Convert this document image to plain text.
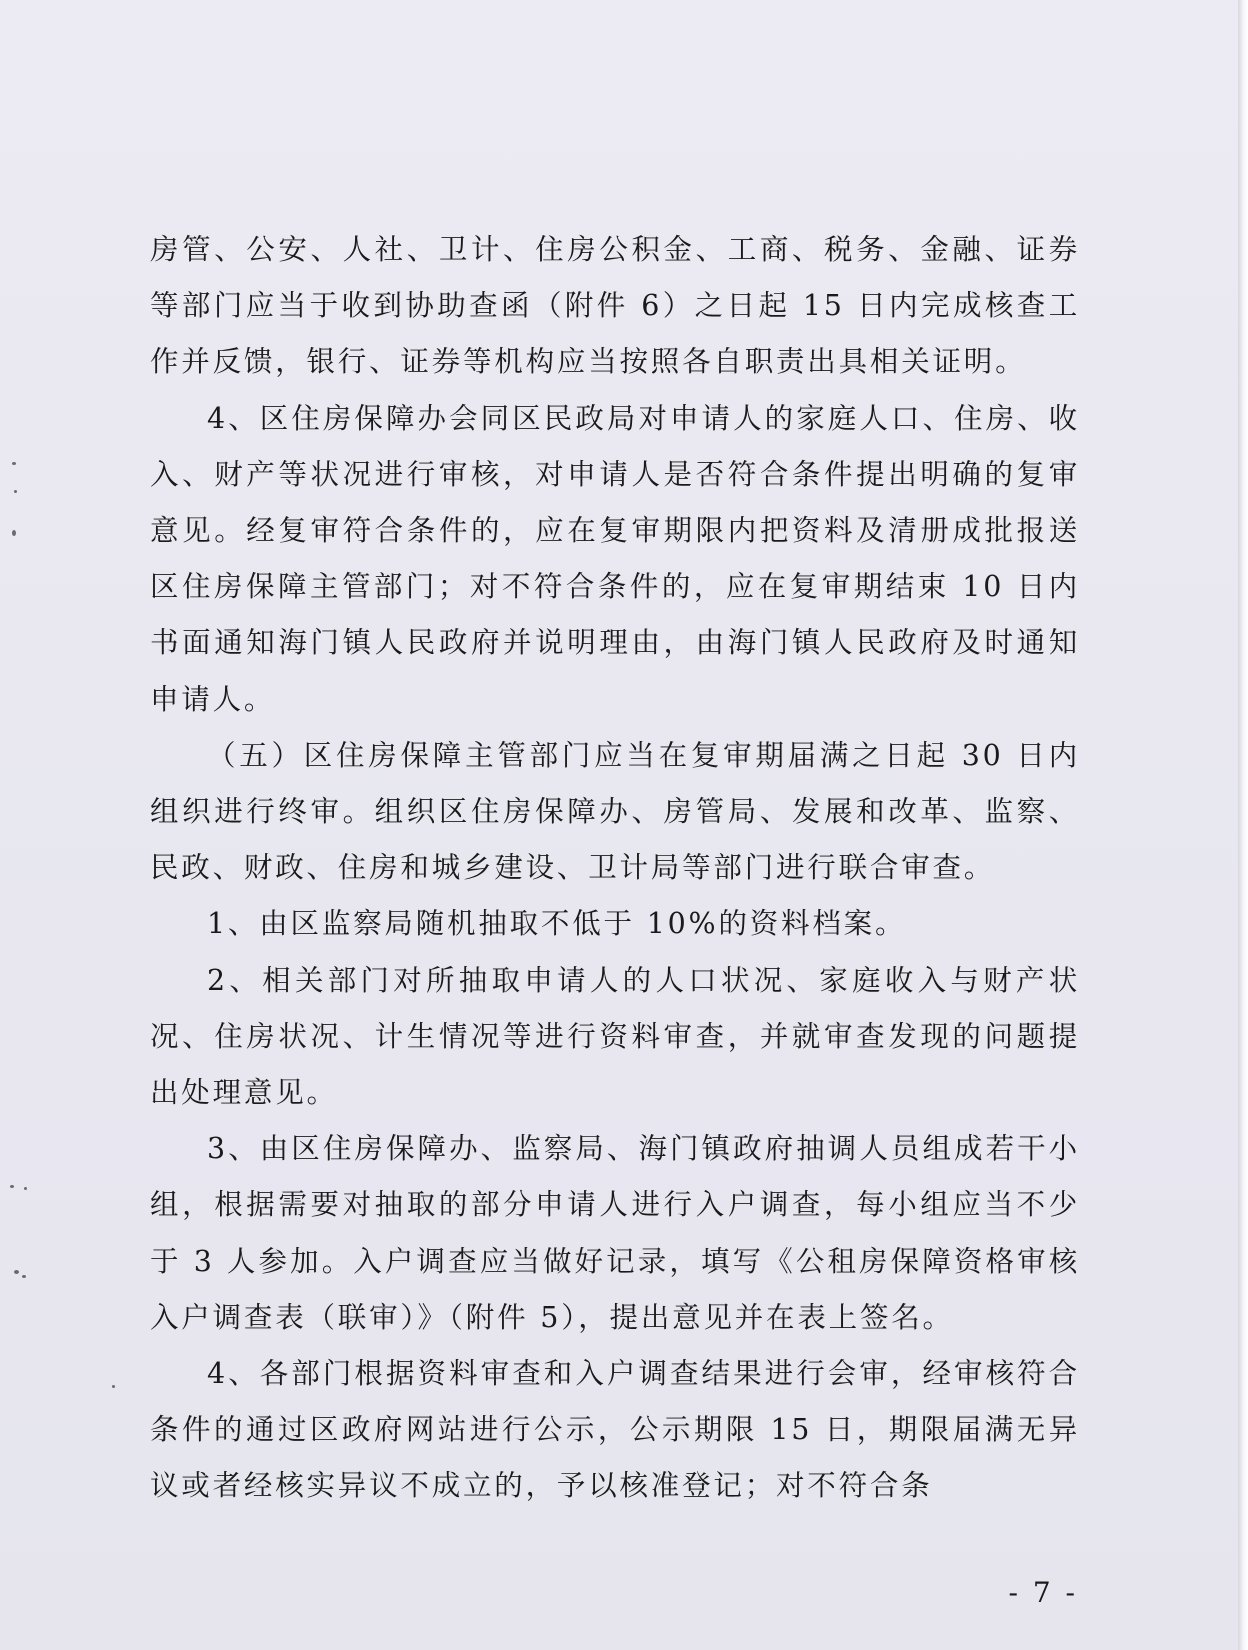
房管、公安、人社、卫计、住房公积金、工商、税务、金融、证券等部门应当于收到协助查函（附件 6）之日起 15 日内完成核查工作并反馈，银行、证券等机构应当按照各自职责出具相关证明。

4、区住房保障办会同区民政局对申请人的家庭人口、住房、收入、财产等状况进行审核，对申请人是否符合条件提出明确的复审意见。经复审符合条件的，应在复审期限内把资料及清册成批报送区住房保障主管部门；对不符合条件的，应在复审期结束 10 日内书面通知海门镇人民政府并说明理由，由海门镇人民政府及时通知申请人。

（五）区住房保障主管部门应当在复审期届满之日起 30 日内组织进行终审。组织区住房保障办、房管局、发展和改革、监察、民政、财政、住房和城乡建设、卫计局等部门进行联合审查。

1、由区监察局随机抽取不低于 10%的资料档案。

2、相关部门对所抽取申请人的人口状况、家庭收入与财产状况、住房状况、计生情况等进行资料审查，并就审查发现的问题提出处理意见。

3、由区住房保障办、监察局、海门镇政府抽调人员组成若干小组，根据需要对抽取的部分申请人进行入户调查，每小组应当不少于 3 人参加。入户调查应当做好记录，填写《公租房保障资格审核入户调查表（联审）》（附件 5），提出意见并在表上签名。

4、各部门根据资料审查和入户调查结果进行会审，经审核符合条件的通过区政府网站进行公示，公示期限 15 日，期限届满无异议或者经核实异议不成立的，予以核准登记；对不符合条

- 7 -
